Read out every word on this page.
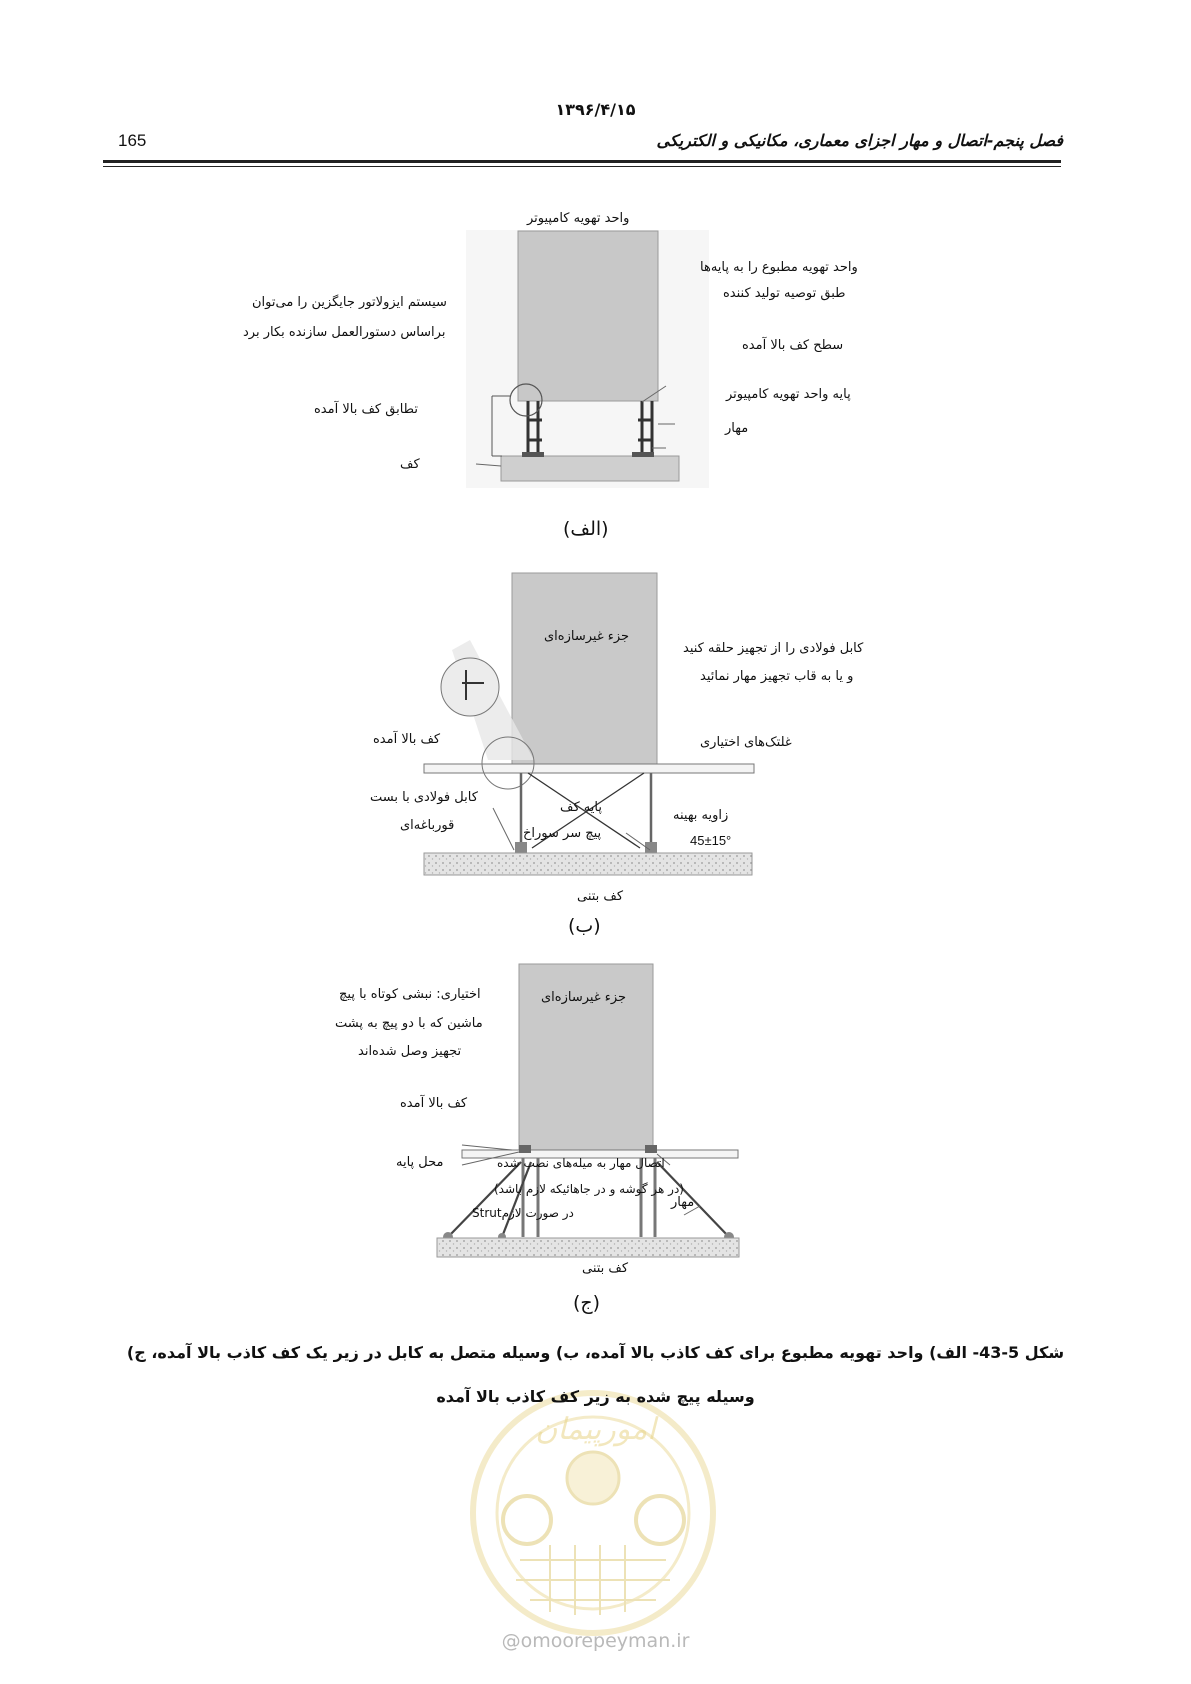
۱۳۹۶/۴/۱۵
165	فصل پنجم-اتصال و مهار اجزای معماری، مکانیکی و الکتریکی
واحد تهویه کامپیوتر
واحد تهویه مطبوع را به پایه‌ها
طبق توصیه تولید کننده
سطح کف بالا آمده
پایه واحد تهویه کامپیوتر
مهار
سیستم ایزولاتور جایگزین را می‌توان
براساس دستورالعمل سازنده بکار برد
تطابق کف بالا آمده
کف
(الف)
جزء غیرسازه‌ای
کابل فولادی را از تجهیز حلقه کنید
و یا به قاب تجهیز مهار نمائید
غلتک‌های اختیاری
زاویه بهینه
45±15°
کف بالا آمده
کابل فولادی با بست
قورباغه‌ای
پایه کف
پیچ سر سوراخ
کف بتنی
(ب)
جزء غیرسازه‌ای
اختیاری: نبشی کوتاه با پیچ
ماشین که با دو پیچ به پشت
تجهیز وصل شده‌اند
کف بالا آمده
محل پایه	اتصال مهار به میله‌های نصب شده
(در هر گوشه و در جاهائیکه لازم باشد)
Strutدر صورت لازم
مهار
کف بتنی
(ج)
شکل 5-43- الف) واحد تهویه مطبوع برای کف کاذب بالا آمده، ب) وسیله متصل به کابل در زیر یک کف کاذب بالا آمده، ج)
وسیله پیچ شده به زیر کف کاذب بالا آمده
امورپیمان
@omoorepeyman.ir
